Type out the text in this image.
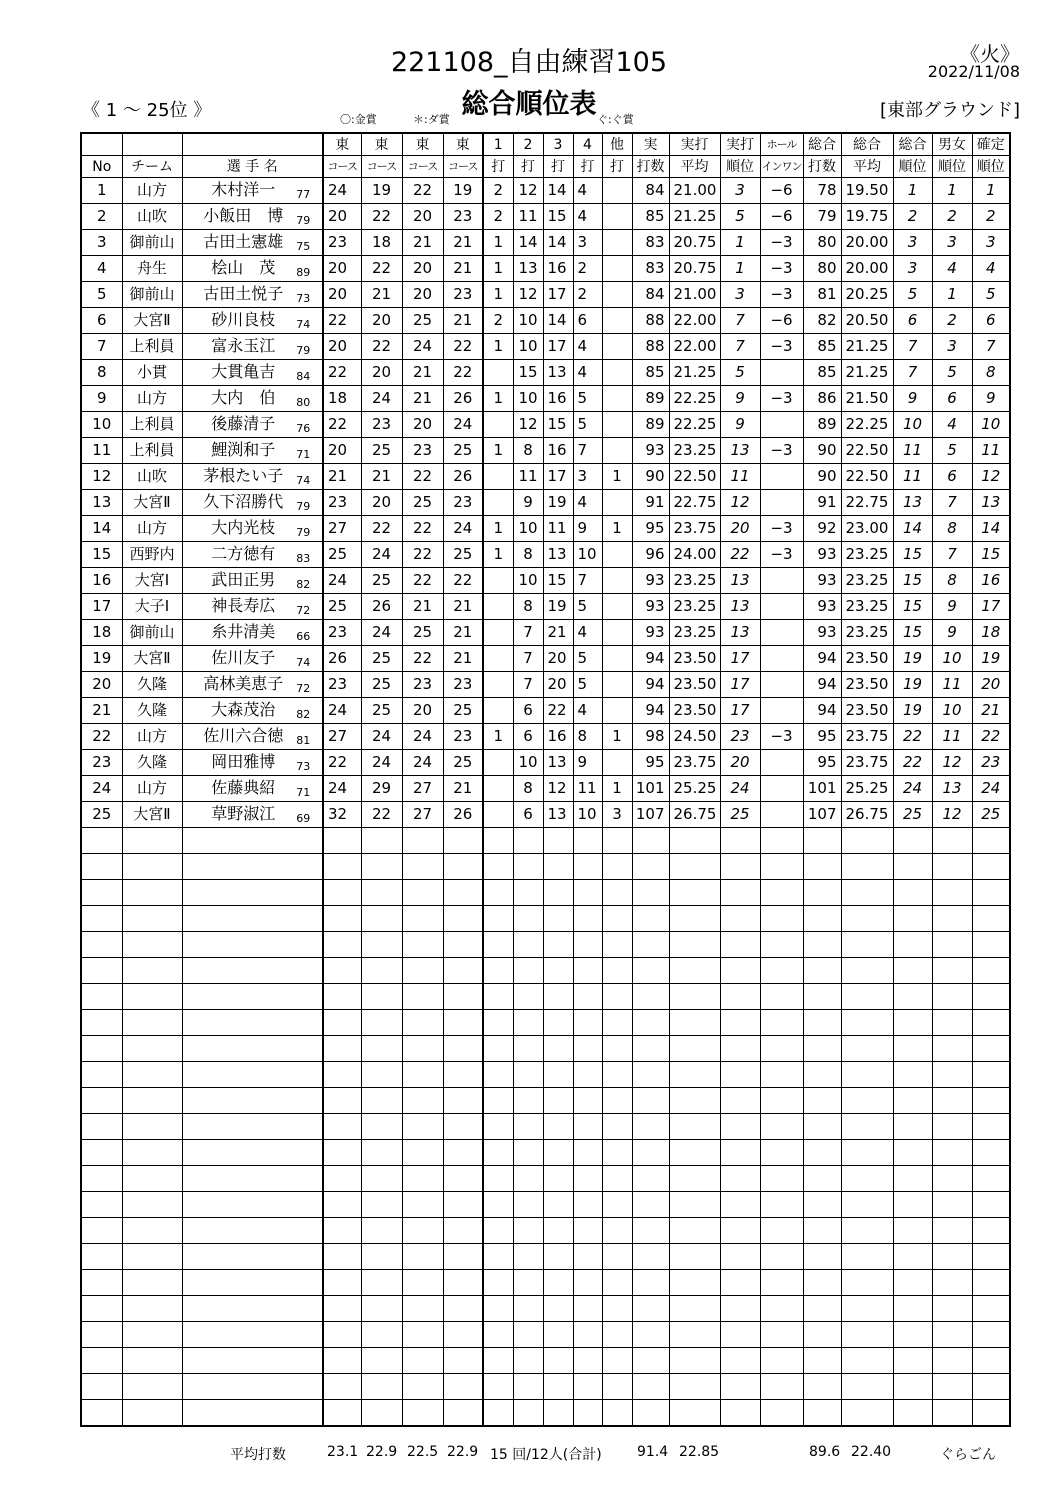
221108_自由練習105
総合順位表
《火》
2022/11/08
《 1 ～ 25位 》	[東部グラウンド]
〇:金賞	＊:ダ賞	ぐ:ぐ賞
			東	東	東	東	1	2	3	4	他	実	実打	実打	ホール	総合	総合	総合	男女	確定
No	チーム	選 手 名	コース	コース	コース	コース	打	打	打	打	打	打数	平均	順位	インワン	打数	平均	順位	順位	順位
1	山方	木村洋一 $_{77}$	24	19	22	19	2	12	14	4		84	21.00	3	−6	78	19.50	1	1	1
2	山吹	小飯田　博 $_{79}$	20	22	20	23	2	11	15	4		85	21.25	5	−6	79	19.75	2	2	2
3	御前山	古田土憲雄 $_{75}$	23	18	21	21	1	14	14	3		83	20.75	1	−3	80	20.00	3	3	3
4	舟生	桧山　茂 $_{89}$	20	22	20	21	1	13	16	2		83	20.75	1	−3	80	20.00	3	4	4
5	御前山	古田土悦子 $_{73}$	20	21	20	23	1	12	17	2		84	21.00	3	−3	81	20.25	5	1	5
6	大宮Ⅱ	砂川良枝 $_{74}$	22	20	25	21	2	10	14	6		88	22.00	7	−6	82	20.50	6	2	6
7	上利員	富永玉江 $_{79}$	20	22	24	22	1	10	17	4		88	22.00	7	−3	85	21.25	7	3	7
8	小貫	大貫亀吉 $_{84}$	22	20	21	22		15	13	4		85	21.25	5		85	21.25	7	5	8
9	山方	大内　伯 $_{80}$	18	24	21	26	1	10	16	5		89	22.25	9	−3	86	21.50	9	6	9
10	上利員	後藤清子 $_{76}$	22	23	20	24		12	15	5		89	22.25	9		89	22.25	10	4	10
11	上利員	鯉渕和子 $_{71}$	20	25	23	25	1	8	16	7		93	23.25	13	−3	90	22.50	11	5	11
12	山吹	茅根たい子 $_{74}$	21	21	22	26		11	17	3	1	90	22.50	11		90	22.50	11	6	12
13	大宮Ⅱ	久下沼勝代 $_{79}$	23	20	25	23		9	19	4		91	22.75	12		91	22.75	13	7	13
14	山方	大内光枝 $_{79}$	27	22	22	24	1	10	11	9	1	95	23.75	20	−3	92	23.00	14	8	14
15	西野内	二方徳有 $_{83}$	25	24	22	25	1	8	13	10		96	24.00	22	−3	93	23.25	15	7	15
16	大宮Ⅰ	武田正男 $_{82}$	24	25	22	22		10	15	7		93	23.25	13		93	23.25	15	8	16
17	大子Ⅰ	神長寿広 $_{72}$	25	26	21	21		8	19	5		93	23.25	13		93	23.25	15	9	17
18	御前山	糸井清美 $_{66}$	23	24	25	21		7	21	4		93	23.25	13		93	23.25	15	9	18
19	大宮Ⅱ	佐川友子 $_{74}$	26	25	22	21		7	20	5		94	23.50	17		94	23.50	19	10	19
20	久隆	高林美恵子 $_{72}$	23	25	23	23		7	20	5		94	23.50	17		94	23.50	19	11	20
21	久隆	大森茂治 $_{82}$	24	25	20	25		6	22	4		94	23.50	17		94	23.50	19	10	21
22	山方	佐川六合徳 $_{81}$	27	24	24	23	1	6	16	8	1	98	24.50	23	−3	95	23.75	22	11	22
23	久隆	岡田雅博 $_{73}$	22	24	24	25		10	13	9		95	23.75	20		95	23.75	22	12	23
24	山方	佐藤典紹 $_{71}$	24	29	27	21		8	12	11	1	101	25.25	24		101	25.25	24	13	24
25	大宮Ⅱ	草野淑江 $_{69}$	32	22	27	26		6	13	10	3	107	26.75	25		107	26.75	25	12	25

平均打数	23.1 22.9 22.5 22.9 15 回/12人(合計)	91.4 22.85	89.6 22.40	ぐらごん
